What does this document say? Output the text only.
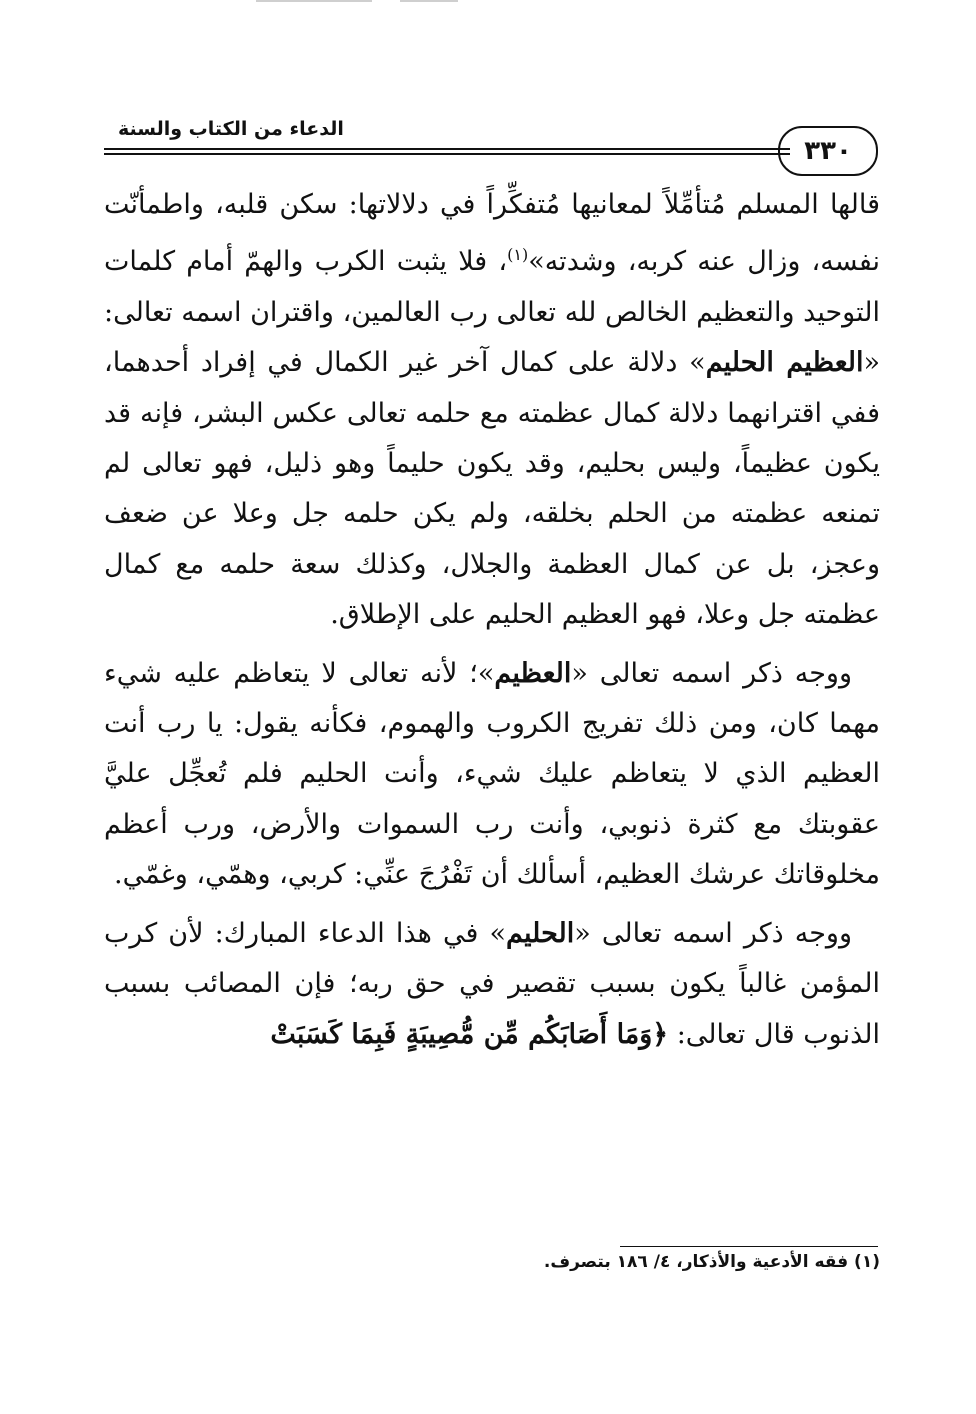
٣٣٠
الدعاء من الكتاب والسنة

قالها المسلم مُتأمِّلاً لمعانيها مُتفكِّراً في دلالاتها: سكن قلبه، واطمأنّت نفسه، وزال عنه كربه، وشدته»$^{(١)}$، فلا يثبت الكرب والهمّ أمام كلمات التوحيد والتعظيم الخالص لله تعالى رب العالمين، واقتران اسمه تعالى: «العظيم الحليم» دلالة على كمال آخر غير الكمال في إفراد أحدهما، ففي اقترانهما دلالة كمال عظمته مع حلمه تعالى عكس البشر، فإنه قد يكون عظيماً، وليس بحليم، وقد يكون حليماً وهو ذليل، فهو تعالى لم تمنعه عظمته من الحلم بخلقه، ولم يكن حلمه جل وعلا عن ضعف وعجز، بل عن كمال العظمة والجلال، وكذلك سعة حلمه مع كمال عظمته جل وعلا، فهو العظيم الحليم على الإطلاق.

ووجه ذكر اسمه تعالى «العظيم»؛ لأنه تعالى لا يتعاظم عليه شيء مهما كان، ومن ذلك تفريج الكروب والهموم، فكأنه يقول: يا رب أنت العظيم الذي لا يتعاظم عليك شيء، وأنت الحليم فلم تُعجِّل عليَّ عقوبتك مع كثرة ذنوبي، وأنت رب السموات والأرض، ورب أعظم مخلوقاتك عرشك العظيم، أسألك أن تَفْرُجَ عنِّي: كربي، وهمّي، وغمّي.

ووجه ذكر اسمه تعالى «الحليم» في هذا الدعاء المبارك: لأن كرب المؤمن غالباً يكون بسبب تقصير في حق ربه؛ فإن المصائب بسبب الذنوب قال تعالى: ﴿وَمَا أَصَابَكُم مِّن مُّصِيبَةٍ فَبِمَا كَسَبَتْ

(١) فقه الأدعية والأذكار، ٤/ ١٨٦ بتصرف.
